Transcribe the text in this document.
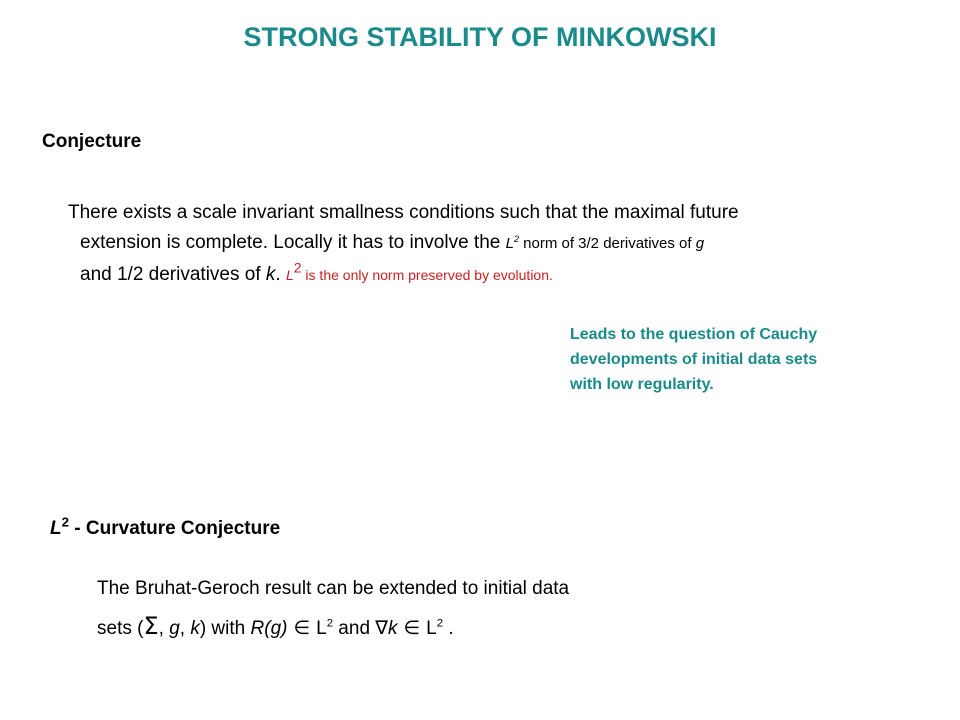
STRONG STABILITY OF MINKOWSKI
Conjecture
There exists a scale invariant smallness conditions such that the maximal future
extension is complete. Locally it has to involve the $L^2$ norm of 3/2 derivatives of g
and 1/2 derivatives of k. $L^2$ is the only norm preserved by evolution.
Leads to the question of Cauchy
developments of initial data sets
with low regularity.
$L^2$ - Curvature Conjecture
The Bruhat-Geroch result can be extended to initial data
sets (Σ, g, k) with R(g) ∈ $L^2$ and ∇k ∈ $L^2$ .
